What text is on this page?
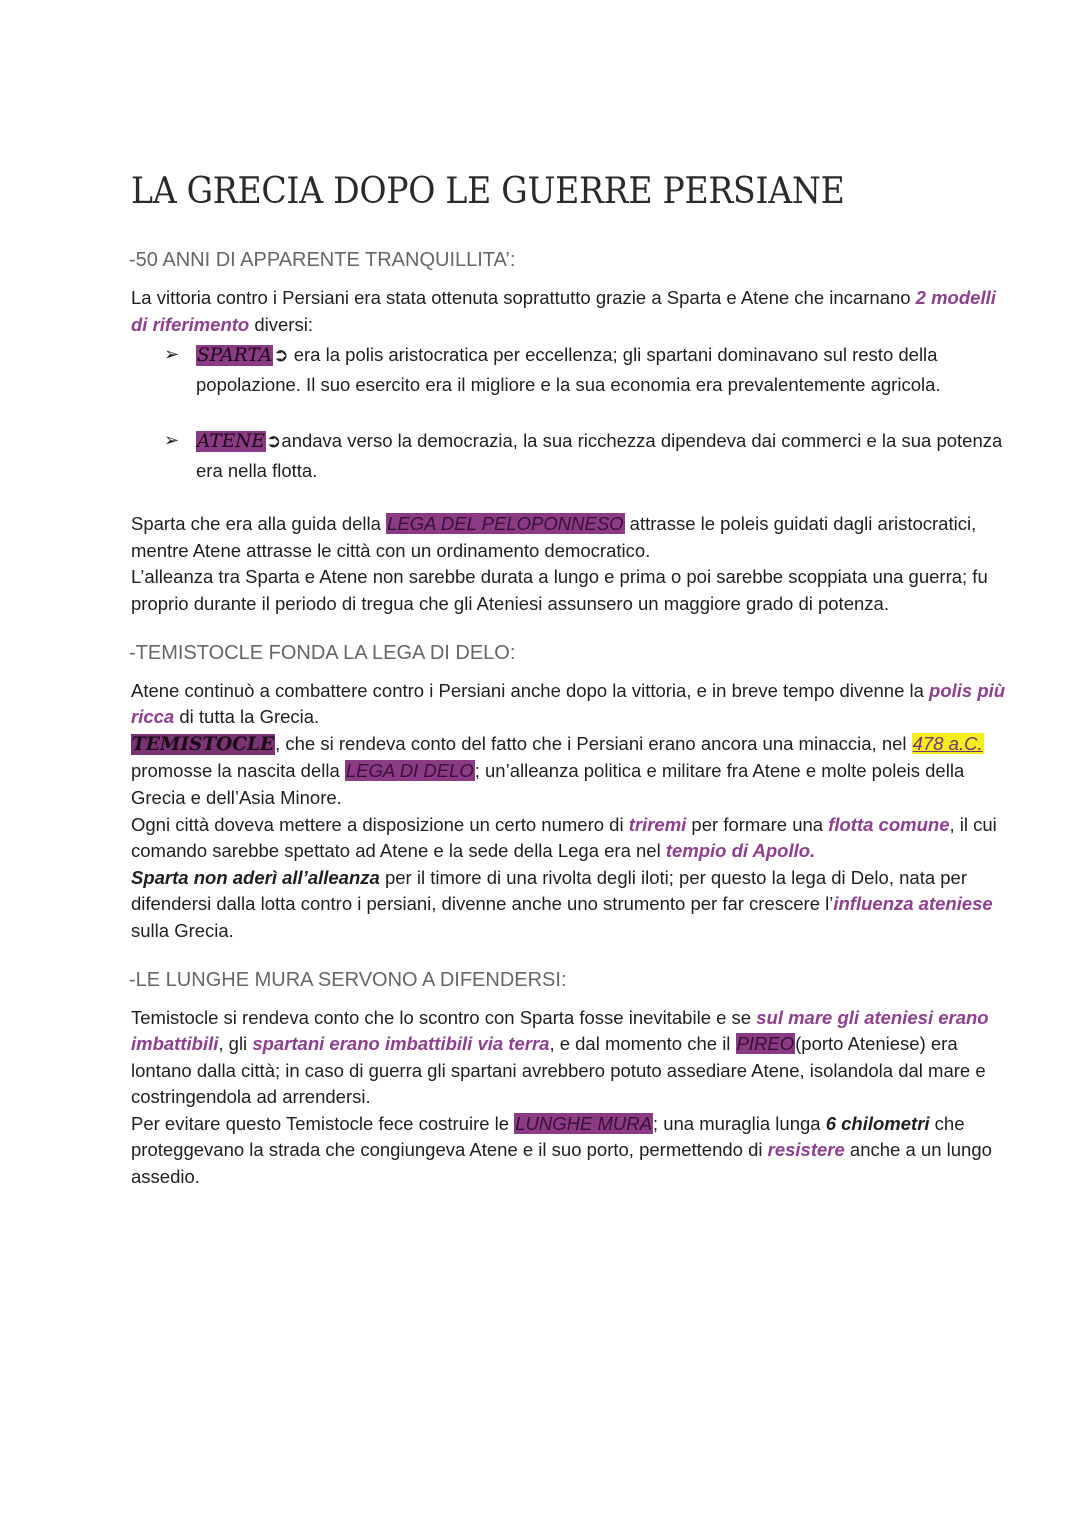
LA GRECIA DOPO LE GUERRE PERSIANE
-50 ANNI DI APPARENTE TRANQUILLITA’:

La vittoria contro i Persiani era stata ottenuta soprattutto grazie a Sparta e Atene che incarnano 2 modelli di riferimento diversi:

➢ SPARTA➲ era la polis aristocratica per eccellenza; gli spartani dominavano sul resto della popolazione. Il suo esercito era il migliore e la sua economia era prevalentemente agricola.
➢ ATENE➲andava verso la democrazia, la sua ricchezza dipendeva dai commerci e la sua potenza era nella flotta.

Sparta che era alla guida della LEGA DEL PELOPONNESO attrasse le poleis guidati dagli aristocratici, mentre Atene attrasse le città con un ordinamento democratico.

L’alleanza tra Sparta e Atene non sarebbe durata a lungo e prima o poi sarebbe scoppiata una guerra; fu proprio durante il periodo di tregua che gli Ateniesi assunsero un maggiore grado di potenza.

-TEMISTOCLE FONDA LA LEGA DI DELO:

Atene continuò a combattere contro i Persiani anche dopo la vittoria, e in breve tempo divenne la polis più ricca di tutta la Grecia.

TEMISTOCLE, che si rendeva conto del fatto che i Persiani erano ancora una minaccia, nel 478 a.C. promosse la nascita della LEGA DI DELO; un’alleanza politica e militare fra Atene e molte poleis della Grecia e dell’Asia Minore.

Ogni città doveva mettere a disposizione un certo numero di triremi per formare una flotta comune, il cui comando sarebbe spettato ad Atene e la sede della Lega era nel tempio di Apollo.

Sparta non aderì all’alleanza per il timore di una rivolta degli iloti; per questo la lega di Delo, nata per difendersi dalla lotta contro i persiani, divenne anche uno strumento per far crescere l’influenza ateniese sulla Grecia.

-LE LUNGHE MURA SERVONO A DIFENDERSI:

Temistocle si rendeva conto che lo scontro con Sparta fosse inevitabile e se sul mare gli ateniesi erano imbattibili, gli spartani erano imbattibili via terra, e dal momento che il PIREO(porto Ateniese) era lontano dalla città; in caso di guerra gli spartani avrebbero potuto assediare Atene, isolandola dal mare e costringendola ad arrendersi.

Per evitare questo Temistocle fece costruire le LUNGHE MURA; una muraglia lunga 6 chilometri che proteggevano la strada che congiungeva Atene e il suo porto, permettendo di resistere anche a un lungo assedio.
